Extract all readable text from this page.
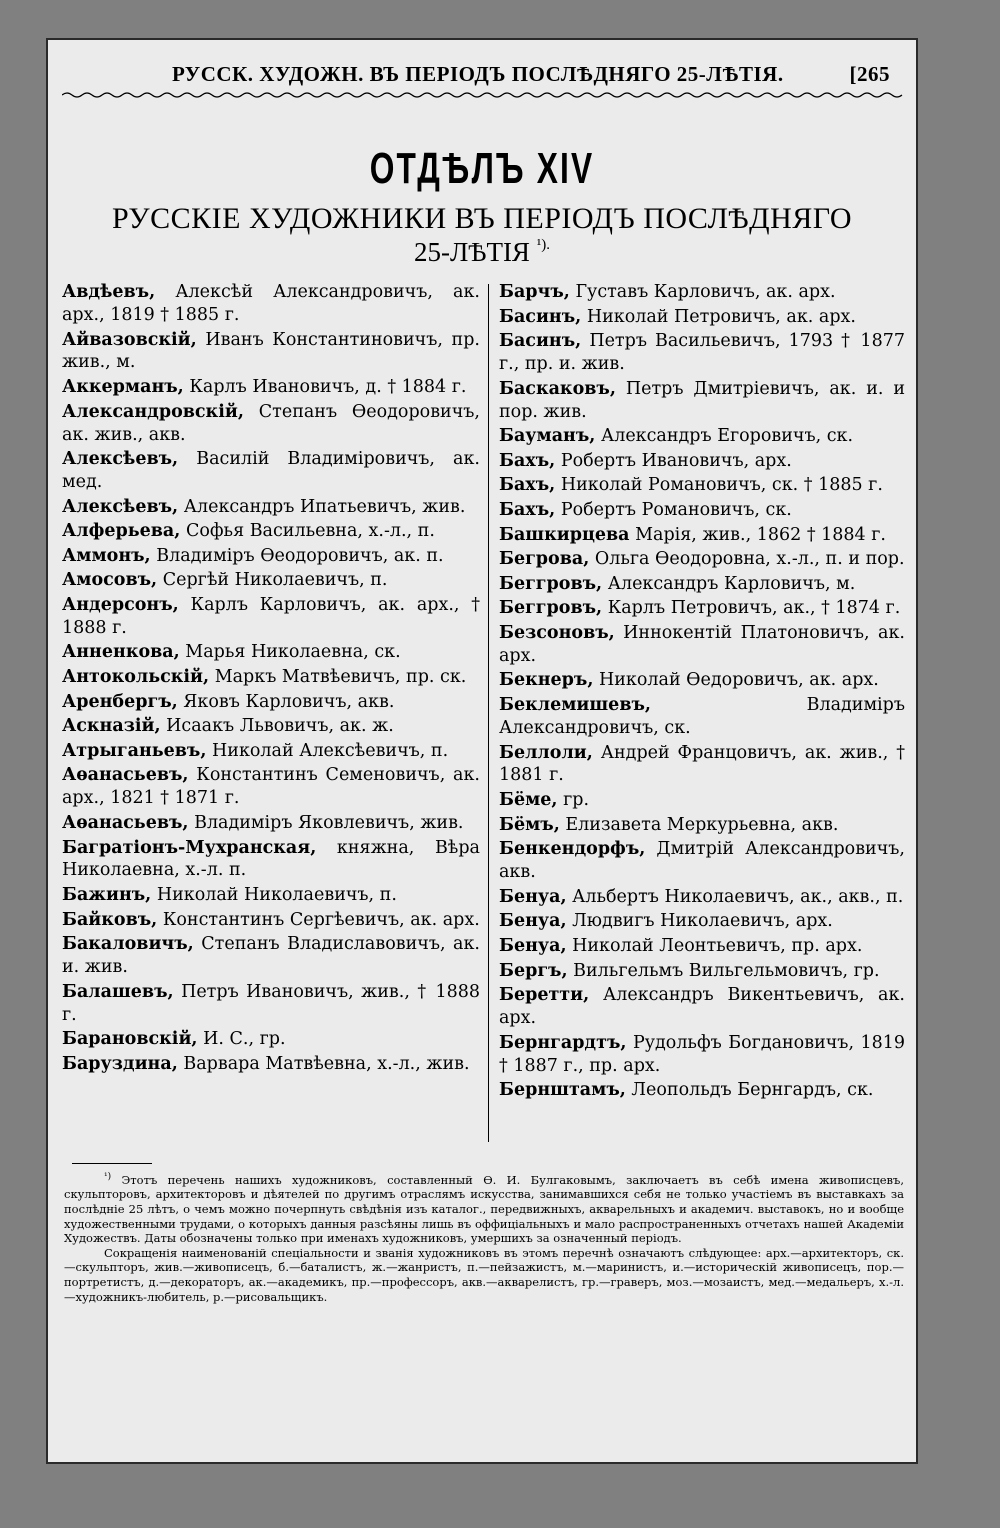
РУССК. ХУДОЖН. ВЪ ПЕРІОДЪ ПОСЛѢДНЯГО 25-ЛѢТІЯ.	[265
ОТДѢЛЪ XIV
РУССКІЕ ХУДОЖНИКИ ВЪ ПЕРІОДЪ ПОСЛѢДНЯГО
25-ЛѢТІЯ $^{^1).}$

Авдѣевъ, Алексѣй Александровичъ, ак. арх., 1819 † 1885 г.

Айвазовскій, Иванъ Константиновичъ, пр. жив., м.

Аккерманъ, Карлъ Ивановичъ, д. † 1884 г.

Александровскій, Степанъ Ѳеодоровичъ, ак. жив., акв.

Алексѣевъ, Василій Владиміровичъ, ак. мед.

Алексѣевъ, Александръ Ипатьевичъ, жив.

Алферьева, Софья Васильевна, х.-л., п.

Аммонъ, Владиміръ Ѳеодоровичъ, ак. п.

Амосовъ, Сергѣй Николаевичъ, п.

Андерсонъ, Карлъ Карловичъ, ак. арх., † 1888 г.

Анненкова, Марья Николаевна, ск.

Антокольскій, Маркъ Матвѣевичъ, пр. ск.

Аренбергъ, Яковъ Карловичъ, акв.

Аскназій, Исаакъ Львовичъ, ак. ж.

Атрыганьевъ, Николай Алексѣевичъ, п.

Аѳанасьевъ, Константинъ Семеновичъ, ак. арх., 1821 † 1871 г.

Аѳанасьевъ, Владиміръ Яковлевичъ, жив.

Багратіонъ-Мухранская, княжна, Вѣра Николаевна, х.-л. п.

Бажинъ, Николай Николаевичъ, п.

Байковъ, Константинъ Сергѣевичъ, ак. арх.

Бакаловичъ, Степанъ Владиславовичъ, ак. и. жив.

Балашевъ, Петръ Ивановичъ, жив., † 1888 г.

Барановскій, И. С., гр.

Баруздина, Варвара Матвѣевна, х.-л., жив.

Барчъ, Густавъ Карловичъ, ак. арх.

Басинъ, Николай Петровичъ, ак. арх.

Басинъ, Петръ Васильевичъ, 1793 † 1877 г., пр. и. жив.

Баскаковъ, Петръ Дмитріевичъ, ак. и. и пор. жив.

Бауманъ, Александръ Егоровичъ, ск.

Бахъ, Робертъ Ивановичъ, арх.

Бахъ, Николай Романовичъ, ск. † 1885 г.

Бахъ, Робертъ Романовичъ, ск.

Башкирцева Марія, жив., 1862 † 1884 г.

Бегрова, Ольга Ѳеодоровна, х.-л., п. и пор.

Беггровъ, Александръ Карловичъ, м.

Беггровъ, Карлъ Петровичъ, ак., † 1874 г.

Безсоновъ, Иннокентій Платоновичъ, ак. арх.

Бекнеръ, Николай Ѳедоровичъ, ак. арх.

Беклемишевъ,	Владиміръ Александровичъ, ск.

Беллоли, Андрей Францовичъ, ак. жив., † 1881 г.

Бёме, гр.

Бёмъ, Елизавета Меркурьевна, акв.

Бенкендорфъ, Дмитрій Александровичъ, акв.

Бенуа, Альбертъ Николаевичъ, ак., акв., п.

Бенуа, Людвигъ Николаевичъ, арх.

Бенуа, Николай Леонтьевичъ, пр. арх.

Бергъ, Вильгельмъ Вильгельмовичъ, гр.

Беретти, Александръ Викентьевичъ, ак. арх.

Бернгардтъ, Рудольфъ Богдановичъ, 1819 † 1887 г., пр. арх.

Бернштамъ, Леопольдъ Бернгардъ, ск.

$^{^1)}$ Этотъ перечень нашихъ художниковъ, составленный Ѳ. И. Булгаковымъ, заключаетъ въ себѣ имена живописцевъ, скульпторовъ, архитекторовъ и дѣятелей по другимъ отраслямъ искусства, занимавшихся себя не только участіемъ въ выставкахъ за послѣдніе 25 лѣтъ, о чемъ можно почерпнуть свѣдѣнія изъ каталог., передвижныхъ, акварельныхъ и академич. выставокъ, но и вообще художественными трудами, о которыхъ данныя разсѣяны лишь въ оффиціальныхъ и мало распространенныхъ отчетахъ нашей Академіи Художествъ. Даты обозначены только при именахъ художниковъ, умершихъ за означенный періодъ.

Сокращенія наименованій спеціальности и званія художниковъ въ этомъ перечнѣ означаютъ слѣдующее: арх.—архитекторъ, ск.—скульпторъ, жив.—живописецъ, б.—баталистъ, ж.—жанристъ, п.—пейзажистъ, м.—маринистъ, и.—историческій живописецъ, пор.—портретистъ, д.—декораторъ, ак.—академикъ, пр.—профессоръ, акв.—акварелистъ, гр.—граверъ, моз.—мозаистъ, мед.—медальеръ, х.-л.—художникъ-любитель, р.—рисовальщикъ.
